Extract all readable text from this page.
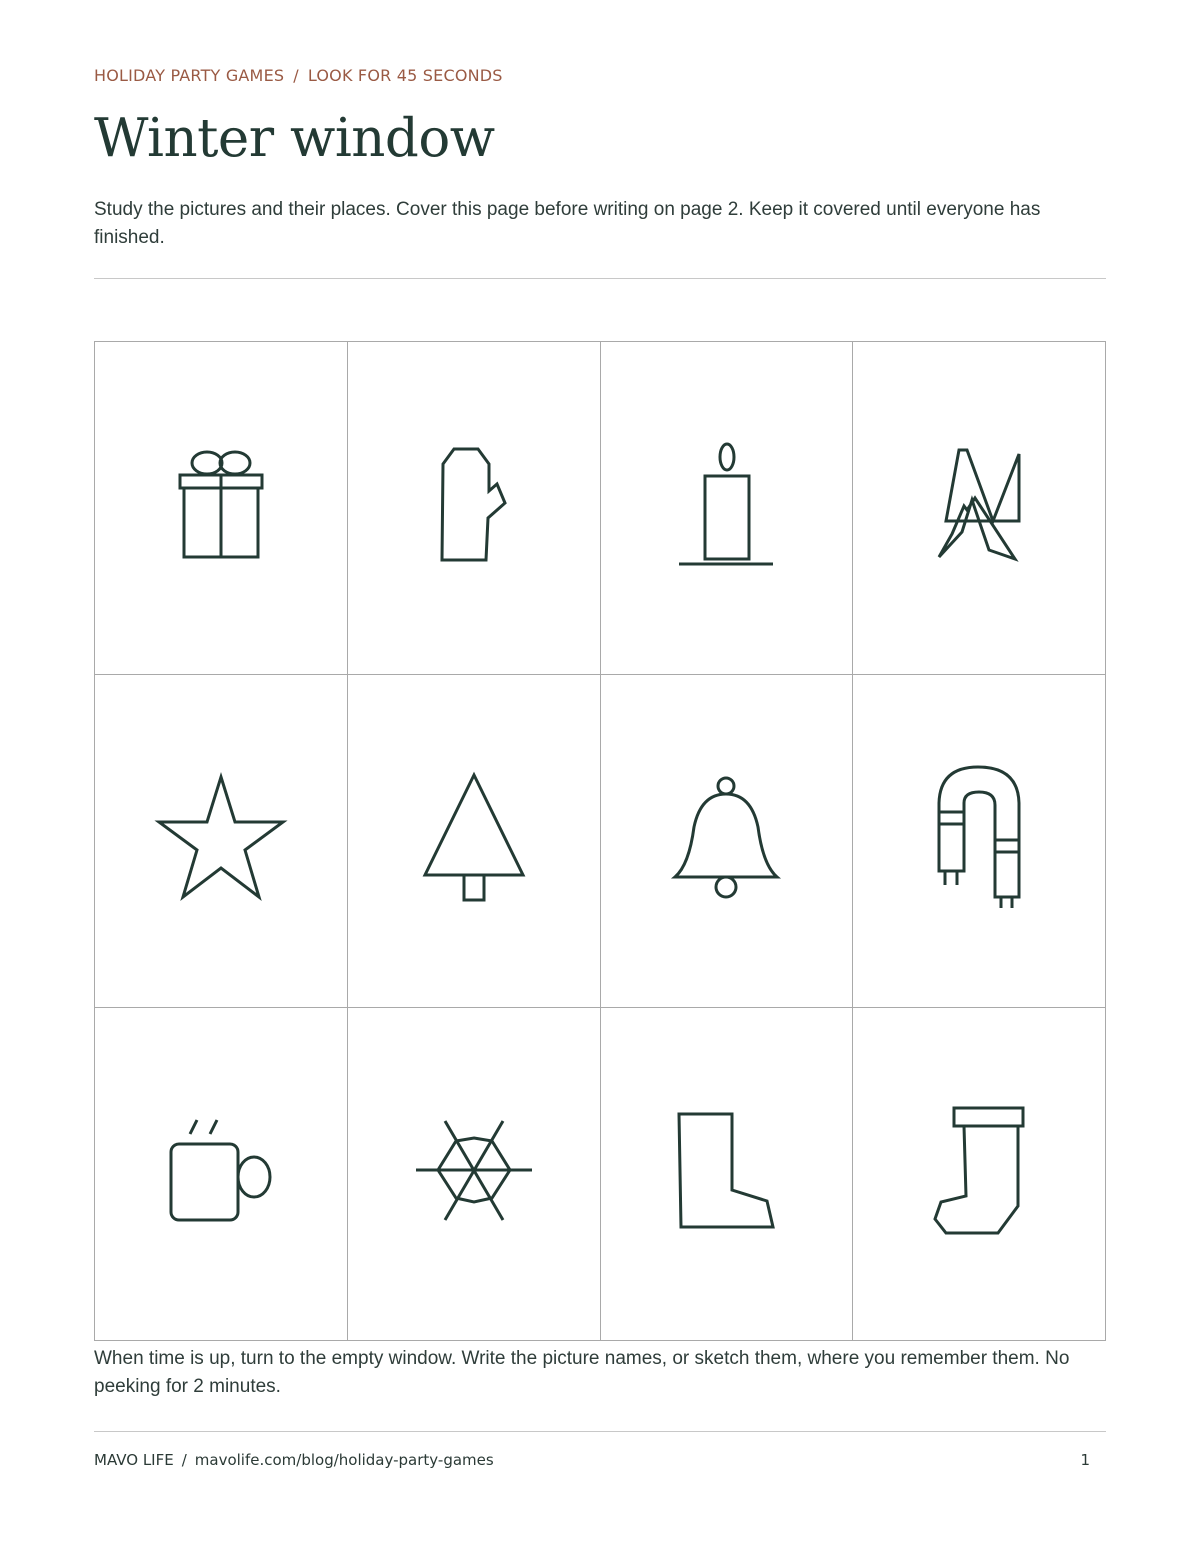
HOLIDAY PARTY GAMES / LOOK FOR 45 SECONDS
Winter window

Study the pictures and their places. Cover this page before writing on page 2. Keep it covered until everyone has finished.

When time is up, turn to the empty window. Write the picture names, or sketch them, where you remember them. No peeking for 2 minutes.

MAVO LIFE / mavolife.com/blog/holiday-party-games	1
